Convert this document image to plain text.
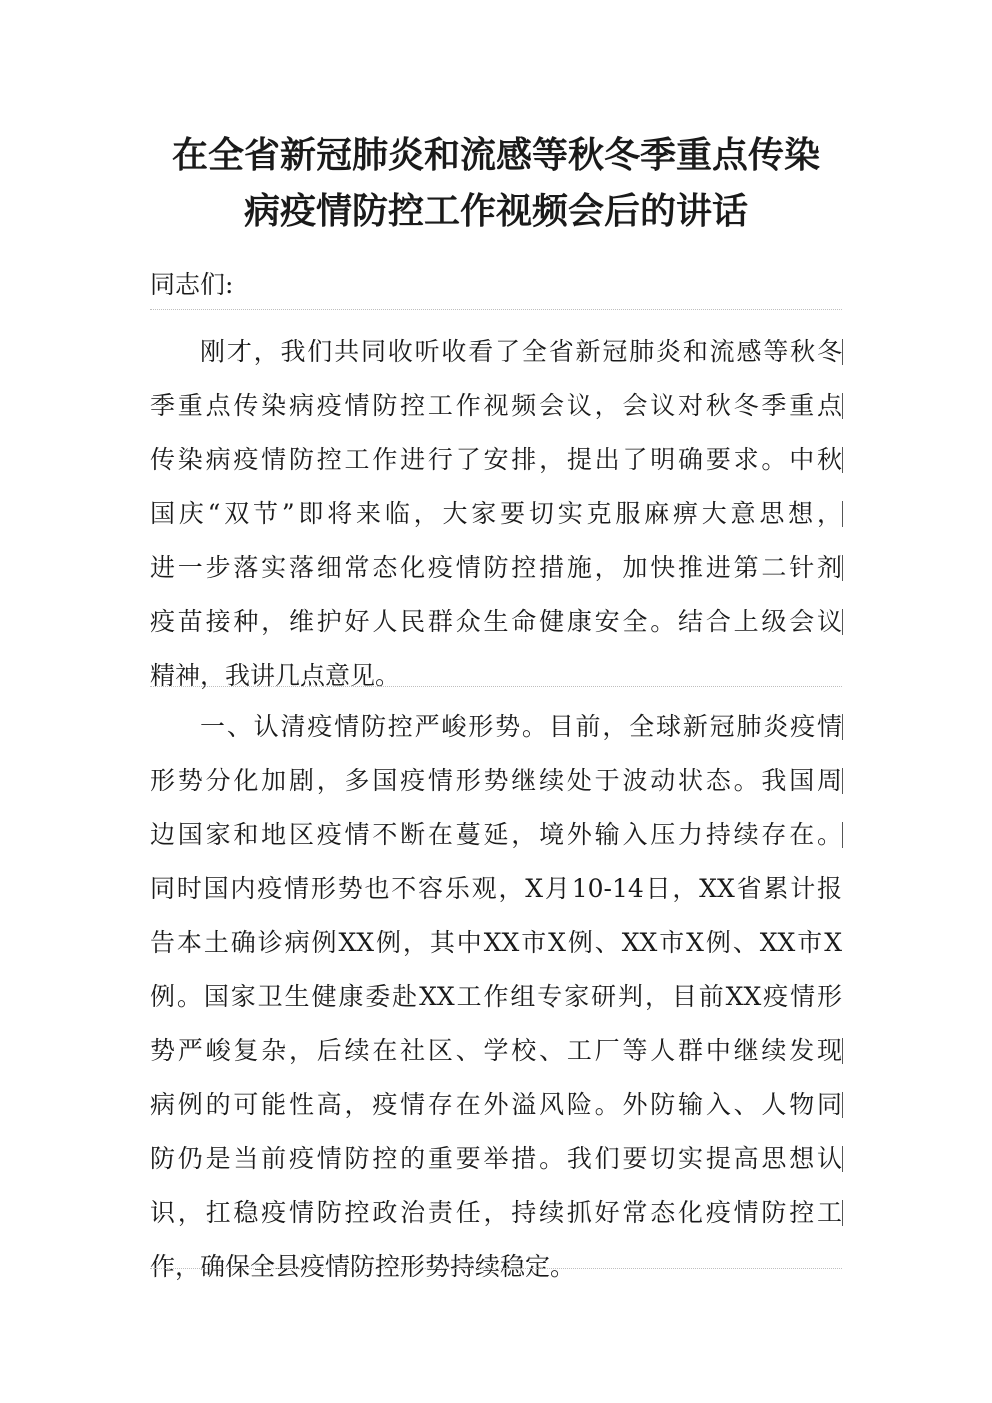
在全省新冠肺炎和流感等秋冬季重点传染
病疫情防控工作视频会后的讲话

同志们:

刚才，我们共同收听收看了全省新冠肺炎和流感等秋冬
季重点传染病疫情防控工作视频会议，会议对秋冬季重点
传染病疫情防控工作进行了安排，提出了明确要求。中秋
国庆“双节”即将来临，大家要切实克服麻痹大意思想，
进一步落实落细常态化疫情防控措施，加快推进第二针剂
疫苗接种，维护好人民群众生命健康安全。结合上级会议
精神，我讲几点意见。
一、认清疫情防控严峻形势。目前，全球新冠肺炎疫情
形势分化加剧，多国疫情形势继续处于波动状态。我国周
边国家和地区疫情不断在蔓延，境外输入压力持续存在。
同时国内疫情形势也不容乐观，X月10-14日，XX省累计报
告本土确诊病例XX例，其中XX市X例、XX市X例、XX市X
例。国家卫生健康委赴XX工作组专家研判，目前XX疫情形
势严峻复杂，后续在社区、学校、工厂等人群中继续发现
病例的可能性高，疫情存在外溢风险。外防输入、人物同
防仍是当前疫情防控的重要举措。我们要切实提高思想认
识，扛稳疫情防控政治责任，持续抓好常态化疫情防控工
作，确保全县疫情防控形势持续稳定。
